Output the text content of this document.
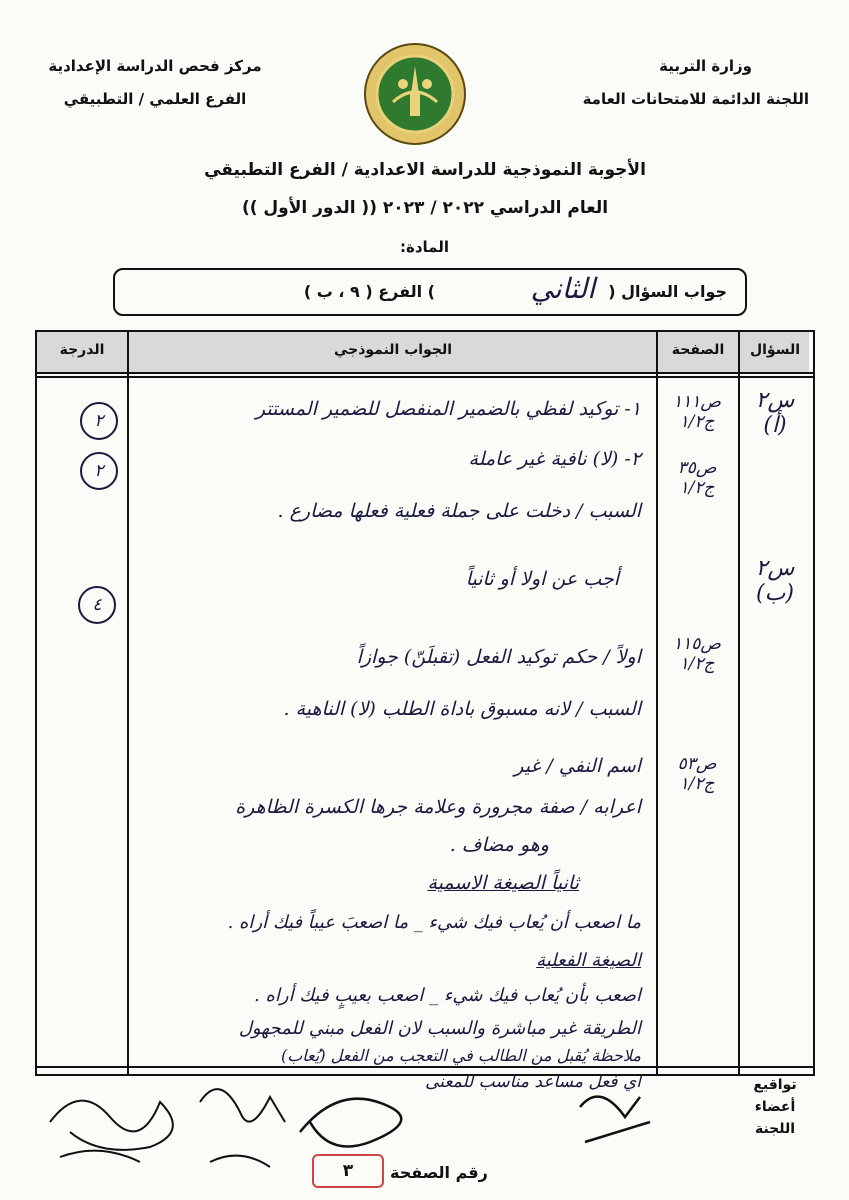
وزارة التربية
اللجنة الدائمة للامتحانات العامة
مركز فحص الدراسة الإعدادية
الفرع العلمي / التطبيقي
الأجوبة النموذجية للدراسة الاعدادية / الفرع التطبيقي
العام الدراسي ٢٠٢٢ / ٢٠٢٣ (( الدور الأول ))
المادة:
جواب السؤال (
الثاني
) الفرع ( ٩ ، ب )
السؤال
الصفحة
الجواب النموذجي
الدرجة
س٢ (أ)
س٢ (ب)
ص١١١ ج١/٢
ص٣٥ ج١/٢
ص١١٥ ج١/٢
ص٥٣ ج١/٢
٢
٢
٤
١- توكيد لفظي بالضمير المنفصل للضمير المستتر
٢- (لا) نافية غير عاملة
السبب / دخلت على جملة فعلية فعلها مضارع .
أجب عن اولا أو ثانياً
اولاً / حكم توكيد الفعل (تقبلَنّ) جوازاً
السبب / لانه مسبوق باداة الطلب (لا) الناهية .
اسم النفي / غير
اعرابه / صفة مجرورة وعلامة جرها الكسرة الظاهرة
وهو مضاف .
ثانياً الصيغة الاسمية
ما اصعب أن يُعاب فيك شيء _ ما اصعبَ عيباً فيك أراه .
الصيغة الفعلية
اصعب بأن يُعاب فيك شيء _ اصعب بعيبٍ فيك أراه .
الطريقة غير مباشرة والسبب لان الفعل مبني للمجهول
ملاحظة يُقبل من الطالب في التعجب من الفعل (يُعاب)
اي فعل مساعد مناسب للمعنى	تواقيع أعضاء اللجنة
رقم الصفحة
٣
